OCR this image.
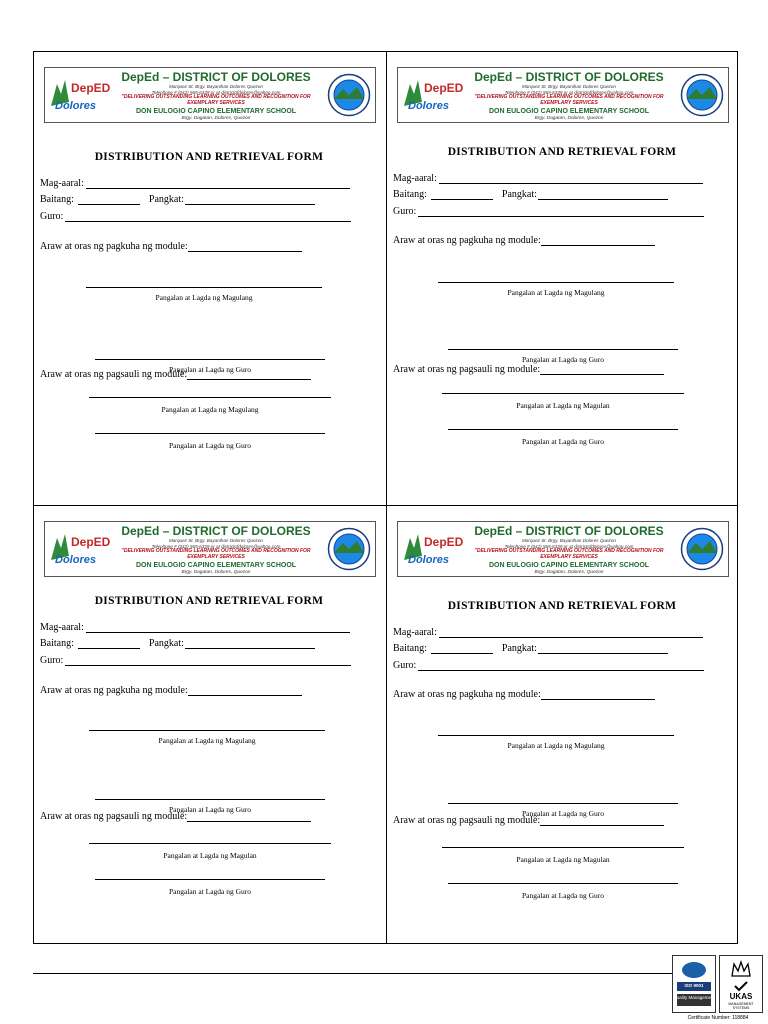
DepED
Dolores
DepEd – DISTRICT OF DOLORES
Marquez St. Brgy. Bayanihan Dolores Quezon
Telephone # (042) 565-6339 or at districtofdolores@yahoo.com
"DELIVERING OUTSTANDING LEARNING OUTCOMES AND RECOGNITION FOR EXEMPLARY SERVICES
DON EULOGIO CAPINO ELEMENTARY SCHOOL
Brgy. Dagatan, Dolores, Quezon
DISTRIBUTION AND RETRIEVAL FORM
Mag-aaral:
Baitang:	Pangkat:
Guro:
Araw at oras ng pagkuha ng module:
Pangalan at Lagda ng Magulang
Pangalan at Lagda ng Guro
Araw at oras ng pagsauli ng module:
Pangalan at Lagda ng Magulang
Pangalan at Lagda ng Guro
DepED
Dolores
DepEd – DISTRICT OF DOLORES
Marquez St. Brgy. Bayanihan Dolores Quezon
Telephone # (042) 565-6339 or at districtofdolores@yahoo.com
"DELIVERING OUTSTANDING LEARNING OUTCOMES AND RECOGNITION FOR EXEMPLARY SERVICES
DON EULOGIO CAPINO ELEMENTARY SCHOOL
Brgy. Dagatan, Dolores, Quezon
DISTRIBUTION AND RETRIEVAL FORM
Mag-aaral:
Baitang:	Pangkat:
Guro:
Araw at oras ng pagkuha ng module:
Pangalan at Lagda ng Magulang
Pangalan at Lagda ng Guro
Araw at oras ng pagsauli ng module:
Pangalan at Lagda ng Magulan
Pangalan at Lagda ng Guro
DepED
Dolores
DepEd – DISTRICT OF DOLORES
Marquez St. Brgy. Bayanihan Dolores Quezon
Telephone # (042) 565-6339 or at districtofdolores@yahoo.com
"DELIVERING OUTSTANDING LEARNING OUTCOMES AND RECOGNITION FOR EXEMPLARY SERVICES
DON EULOGIO CAPINO ELEMENTARY SCHOOL
Brgy. Dagatan, Dolores, Quezon
DISTRIBUTION AND RETRIEVAL FORM
Mag-aaral:
Baitang:	Pangkat:
Guro:
Araw at oras ng pagkuha ng module:
Pangalan at Lagda ng Magulang
Pangalan at Lagda ng Guro
Araw at oras ng pagsauli ng module:
Pangalan at Lagda ng Magulan
Pangalan at Lagda ng Guro
DepED
Dolores
DepEd – DISTRICT OF DOLORES
Marquez St. Brgy. Bayanihan Dolores Quezon
Telephone # (042) 565-6339 or at districtofdolores@yahoo.com
"DELIVERING OUTSTANDING LEARNING OUTCOMES AND RECOGNITION FOR EXEMPLARY SERVICES
DON EULOGIO CAPINO ELEMENTARY SCHOOL
Brgy. Dagatan, Dolores, Quezon
DISTRIBUTION AND RETRIEVAL FORM
Mag-aaral:
Baitang:	Pangkat:
Guro:
Araw at oras ng pagkuha ng module:
Pangalan at Lagda ng Magulang
Pangalan at Lagda ng Guro
Araw at oras ng pagsauli ng module:
Pangalan at Lagda ng Magulan
Pangalan at Lagda ng Guro
ISO 9001
Quality Management	UKAS
MANAGEMENT SYSTEMS
Certificate Number: 118884
